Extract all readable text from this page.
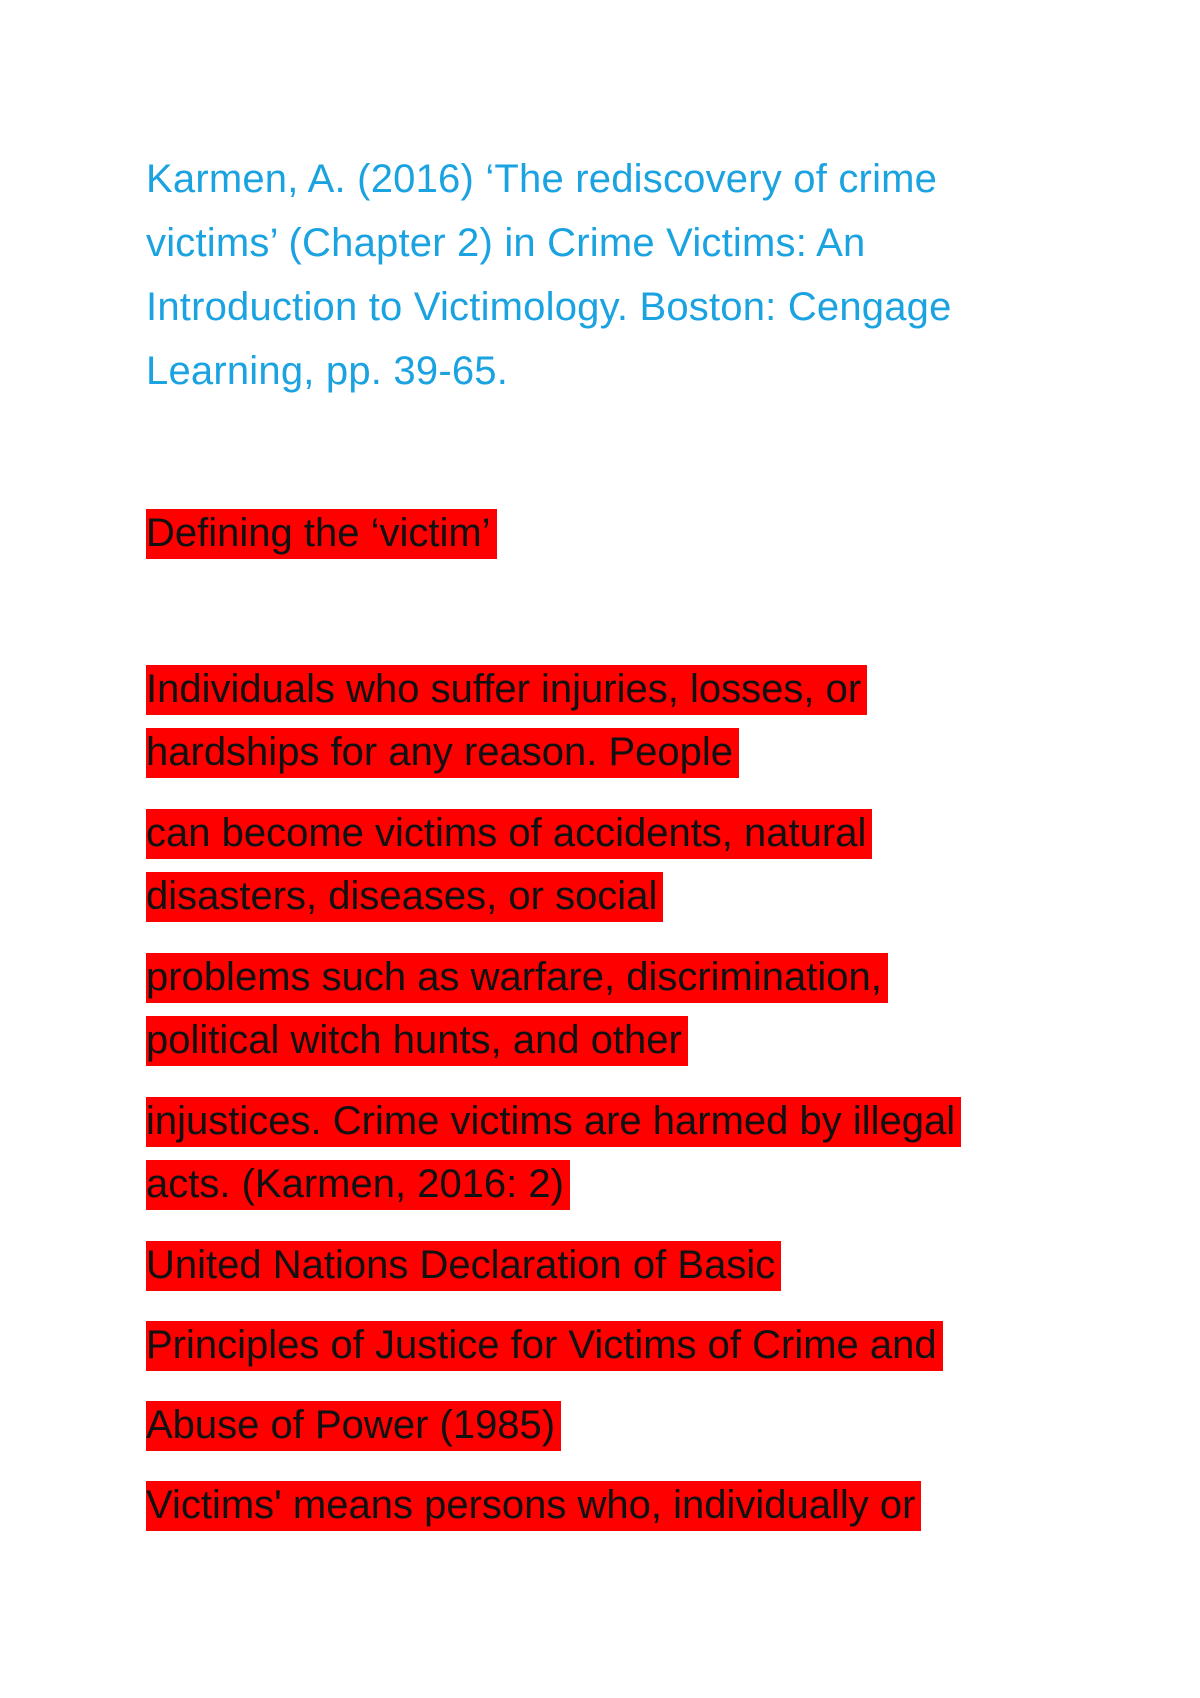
Karmen, A. (2016) ‘The rediscovery of crime
victims’ (Chapter 2) in Crime Victims: An
Introduction to Victimology. Boston: Cengage
Learning, pp. 39-65.

Defining the ‘victim’

Individuals who suffer injuries, losses, or
hardships for any reason. People

can become victims of accidents, natural
disasters, diseases, or social

problems such as warfare, discrimination,
political witch hunts, and other

injustices. Crime victims are harmed by illegal
acts. (Karmen, 2016: 2)

United Nations Declaration of Basic

Principles of Justice for Victims of Crime and

Abuse of Power (1985)

Victims' means persons who, individually or
